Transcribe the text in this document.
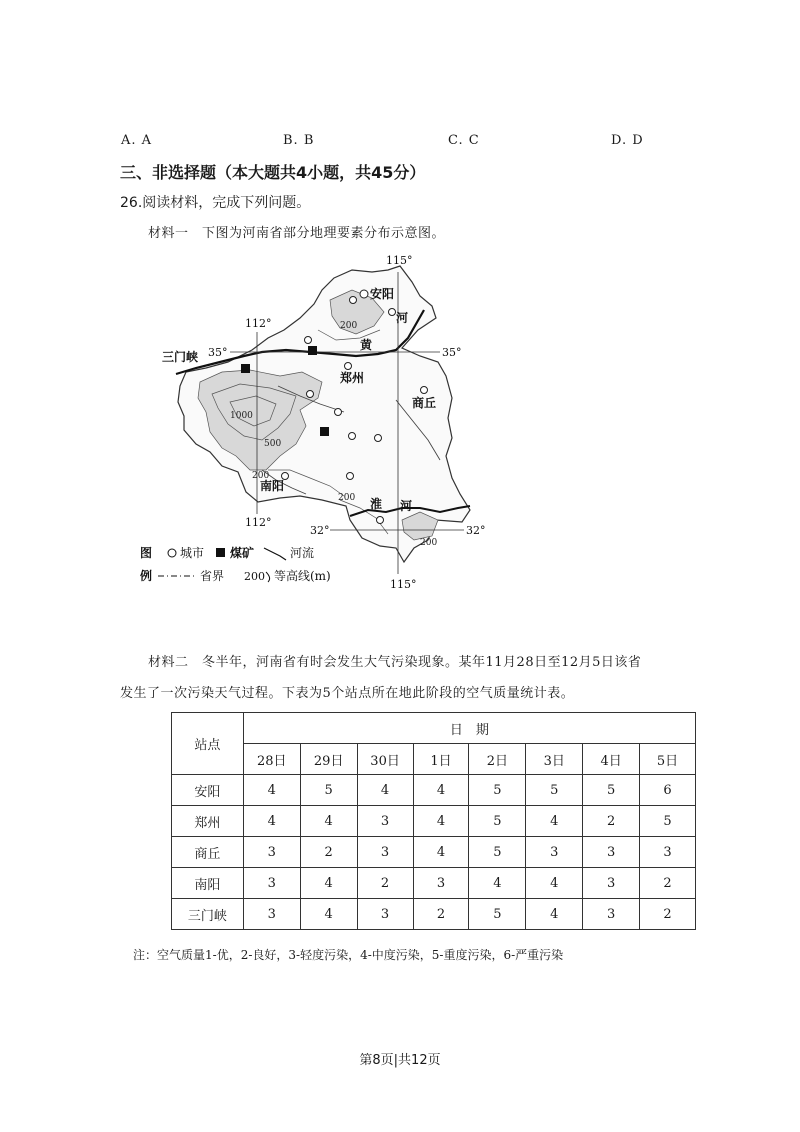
A. A	B. B	C. C	D. D
三、非选择题（本大题共4小题，共45分）
26.阅读材料，完成下列问题。
材料一　下图为河南省部分地理要素分布示意图。
115°
112°
112°
115°
35°	35°
32°	32°
安阳
郑州
商丘
南阳
三门峡
河
黄
淮 河
200
1000
500
200
200
200
图 城市 煤矿	河流
例	省界 200 等高线(m)
材料二　冬半年，河南省有时会发生大气污染现象。某年11月28日至12月5日该省
发生了一次污染天气过程。下表为5个站点所在地此阶段的空气质量统计表。
站点	日　期							
	28日	29日	30日	1日	2日	3日	4日	5日
安阳	4	5	4	4	5	5	5	6
郑州	4	4	3	4	5	4	2	5
商丘	3	2	3	4	5	3	3	3
南阳	3	4	2	3	4	4	3	2
三门峡	3	4	3	2	5	4	3	2
注：空气质量1-优，2-良好，3-轻度污染，4-中度污染，5-重度污染，6-严重污染
第8页|共12页
